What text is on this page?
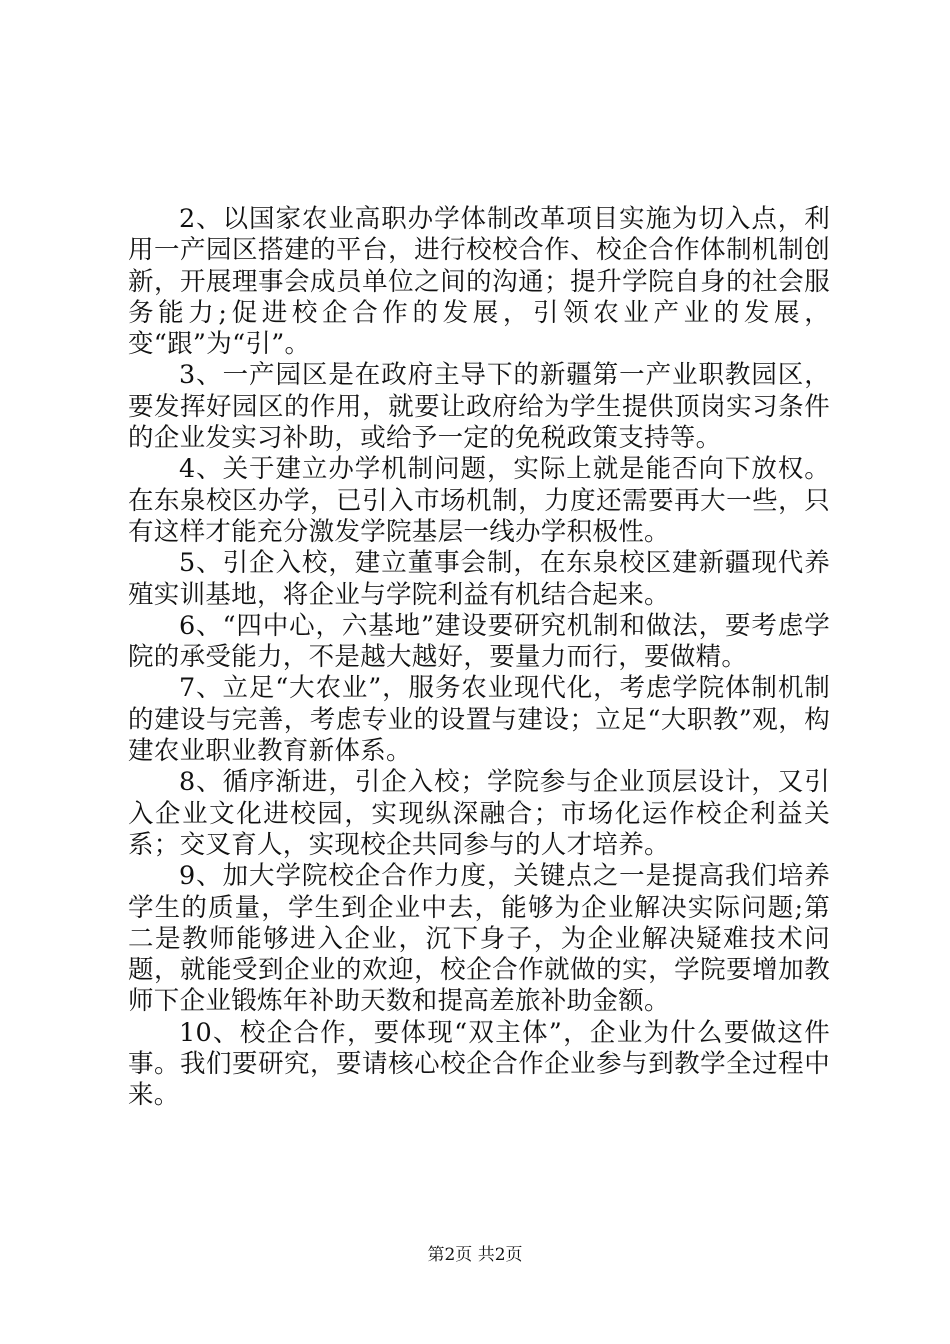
2、以国家农业高职办学体制改革项目实施为切入点，利用一产园区搭建的平台，进行校校合作、校企合作体制机制创新，开展理事会成员单位之间的沟通；提升学院自身的社会服务能力;促进校企合作的发展，引领农业产业的发展，变“跟”为“引”。

3、一产园区是在政府主导下的新疆第一产业职教园区，要发挥好园区的作用，就要让政府给为学生提供顶岗实习条件的企业发实习补助，或给予一定的免税政策支持等。

4、关于建立办学机制问题，实际上就是能否向下放权。在东泉校区办学，已引入市场机制，力度还需要再大一些，只有这样才能充分激发学院基层一线办学积极性。

5、引企入校，建立董事会制，在东泉校区建新疆现代养殖实训基地，将企业与学院利益有机结合起来。

6、“四中心，六基地”建设要研究机制和做法，要考虑学院的承受能力，不是越大越好，要量力而行，要做精。

7、立足“大农业”，服务农业现代化，考虑学院体制机制的建设与完善，考虑专业的设置与建设；立足“大职教”观，构建农业职业教育新体系。

8、循序渐进，引企入校；学院参与企业顶层设计，又引入企业文化进校园，实现纵深融合；市场化运作校企利益关系；交叉育人，实现校企共同参与的人才培养。

9、加大学院校企合作力度，关键点之一是提高我们培养学生的质量，学生到企业中去，能够为企业解决实际问题;第二是教师能够进入企业，沉下身子，为企业解决疑难技术问题，就能受到企业的欢迎，校企合作就做的实，学院要增加教师下企业锻炼年补助天数和提高差旅补助金额。

10、校企合作，要体现“双主体”，企业为什么要做这件事。我们要研究，要请核心校企合作企业参与到教学全过程中来。

第2页 共2页
